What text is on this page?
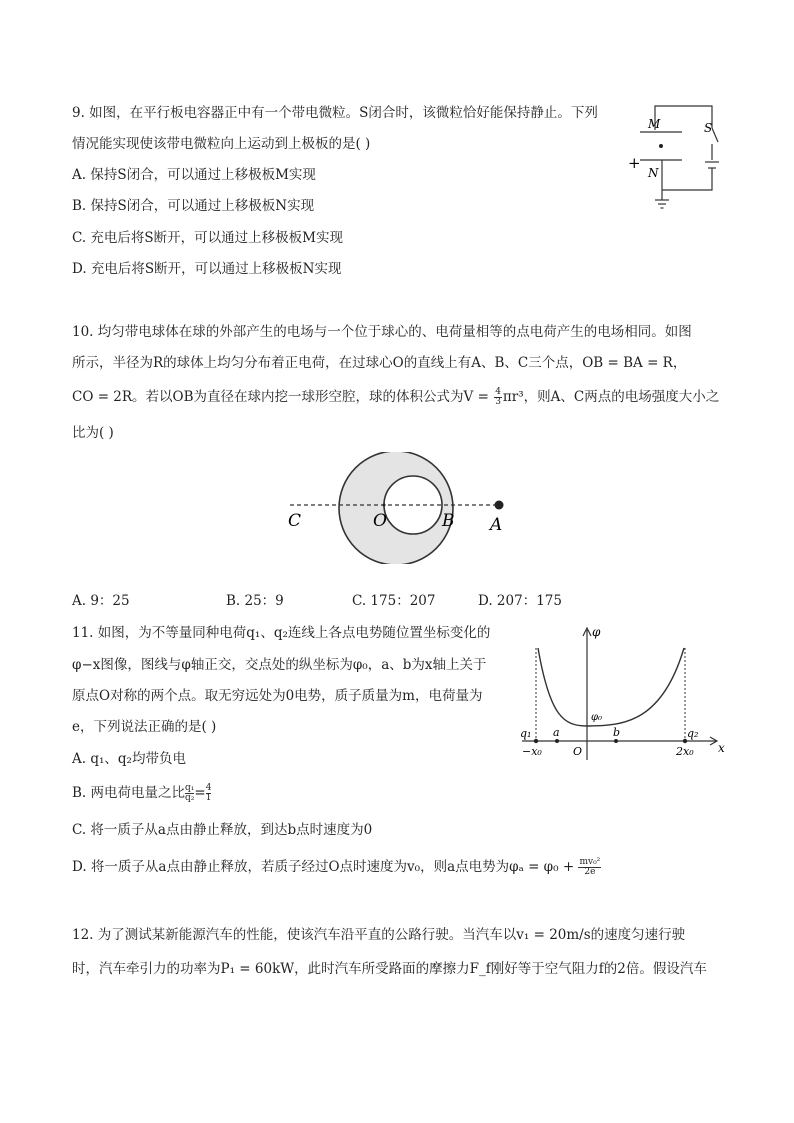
9. 如图，在平行板电容器正中有一个带电微粒。S闭合时，该微粒恰好能保持静止。下列
情况能实现使该带电微粒向上运动到上极板的是( )
A. 保持S闭合，可以通过上移极板M实现
B. 保持S闭合，可以通过上移极板N实现
C. 充电后将S断开，可以通过上移极板M实现
D. 充电后将S断开，可以通过上移极板N实现
M
N
S
+
10. 均匀带电球体在球的外部产生的电场与一个位于球心的、电荷量相等的点电荷产生的电场相同。如图
所示，半径为R的球体上均匀分布着正电荷，在过球心O的直线上有A、B、C三个点，OB = BA = R，
CO = 2R。若以OB为直径在球内挖一球形空腔，球的体积公式为$V = \frac{4}{3} \pi r^3$，则A、C两点的电场强度大小之
比为( )
C	O	B A
A. 9：25	B. 25：9	C. 175：207	D. 207：175
11. 如图，为不等量同种电荷q₁、q₂连线上各点电势随位置坐标变化的
φ−x图像，图线与φ轴正交，交点处的纵坐标为φ₀，a、b为x轴上关于
原点O对称的两个点。取无穷远处为0电势，质子质量为m，电荷量为
e，下列说法正确的是( )
A. q₁、q₂均带负电
B. 两电荷电量之比 $\frac{\text{q₁}}{\text{q₂}} = \frac{4}{1}$
C. 将一质子从a点由静止释放，到达b点时速度为0
D. 将一质子从a点由静止释放，若质子经过O点时速度为v₀，则a点电势为$\varphi_a = \varphi_0 + \frac{\text{mv₀²}}{2e}$
φ
x
φ₀
q₁	q₂
a	b
O
−x₀	2x₀
12. 为了测试某新能源汽车的性能，使该汽车沿平直的公路行驶。当汽车以v₁ = 20m/s的速度匀速行驶
时，汽车牵引力的功率为P₁ = 60kW，此时汽车所受路面的摩擦力F_f刚好等于空气阻力f的2倍。假设汽车
